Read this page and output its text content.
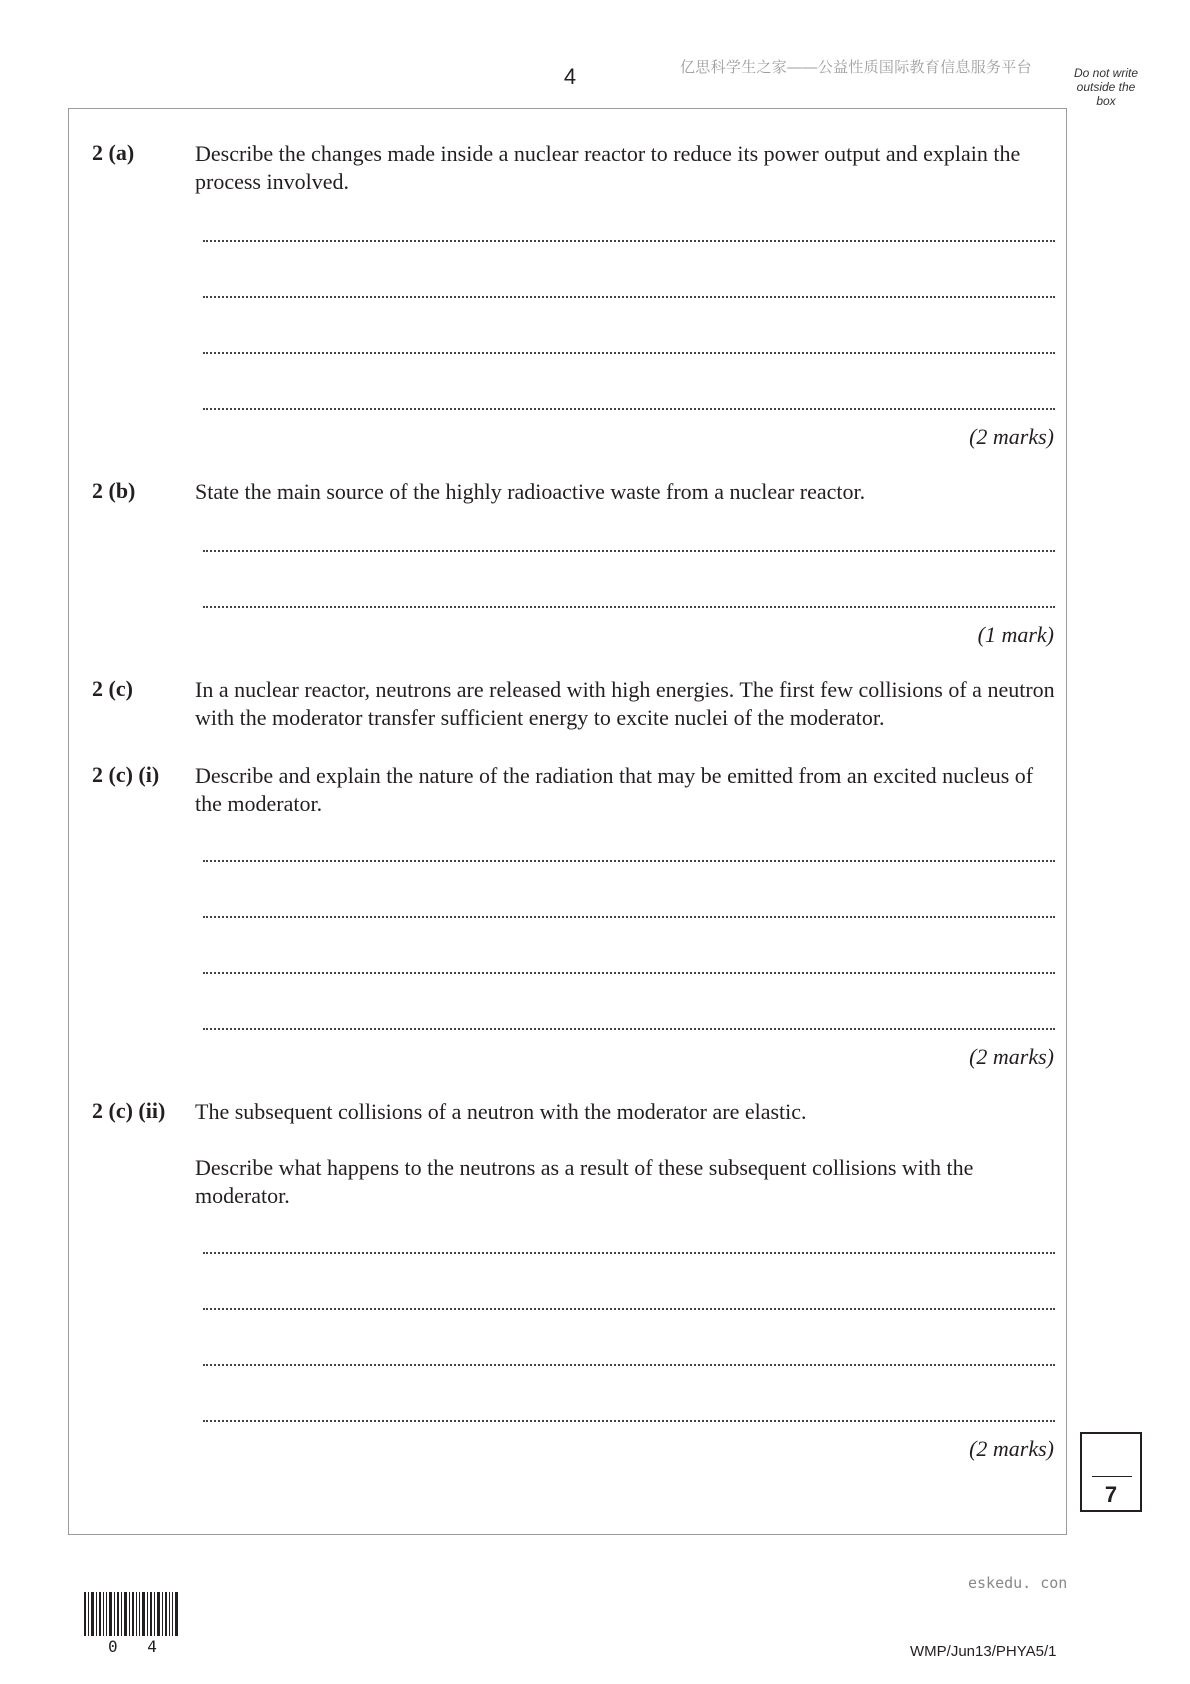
4	亿思科学生之家——公益性质国际教育信息服务平台	Do not write
outside the
box
2 (a)	Describe the changes made inside a nuclear reactor to reduce its power output and explain the process involved.
(2 marks)
2 (b)	State the main source of the highly radioactive waste from a nuclear reactor.
(1 mark)
2 (c)	In a nuclear reactor, neutrons are released with high energies. The first few collisions of a neutron with the moderator transfer sufficient energy to excite nuclei of the moderator.
2 (c) (i) Describe and explain the nature of the radiation that may be emitted from an excited nucleus of the moderator.
(2 marks)
2 (c) (ii) The subsequent collisions of a neutron with the moderator are elastic.
Describe what happens to the neutrons as a result of these subsequent collisions with the moderator.
(2 marks)
7
eskedu. con
0 4	WMP/Jun13/PHYA5/1
